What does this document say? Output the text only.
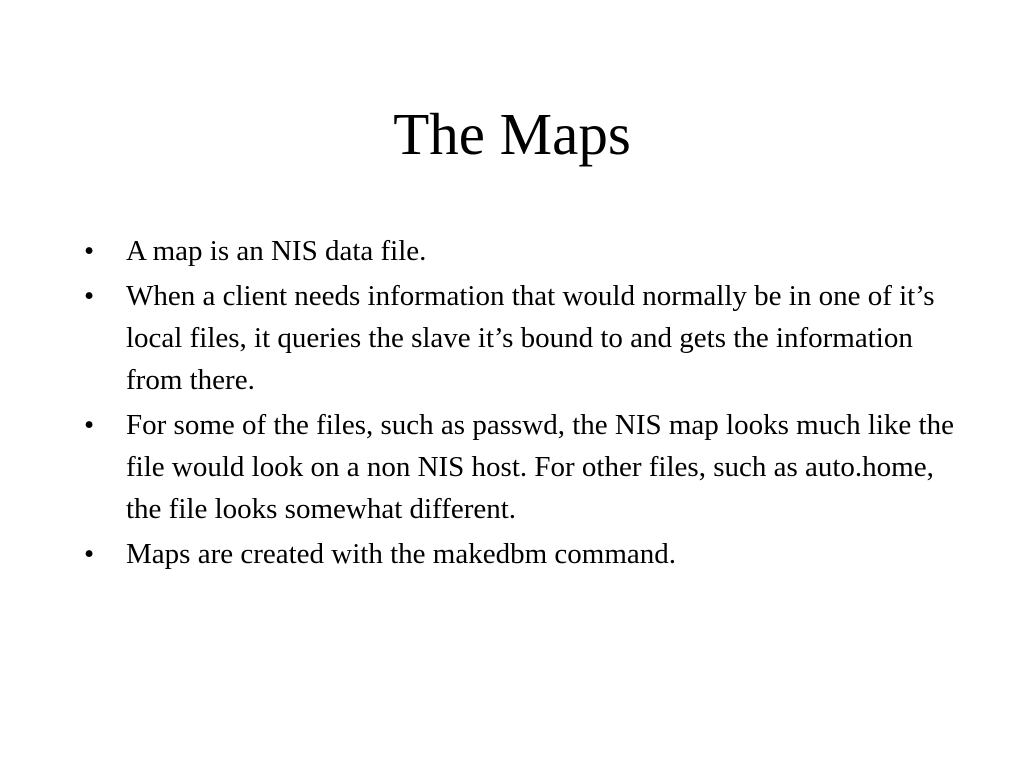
The Maps
•	A map is an NIS data file.
•	When a client needs information that would normally be in one of it’s local files, it queries the slave it’s bound to and gets the information from there.
•	For some of the files, such as passwd, the NIS map looks much like the file would look on a non NIS host. For other files, such as auto.home, the file looks somewhat different.
•	Maps are created with the makedbm command.
